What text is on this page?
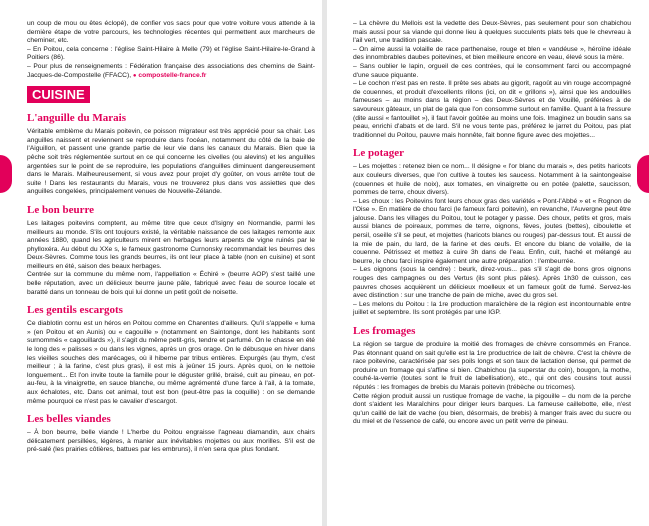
un coup de mou ou êtes éclopé), de confier vos sacs pour que votre voiture vous attende à la dernière étape de votre parcours, les technologies récentes qui permettent aux marcheurs de cheminer, etc.

– En Poitou, cela concerne : l'église Saint-Hilaire à Melle (79) et l'église Saint-Hilaire-le-Grand à Poitiers (86).

– Pour plus de renseignements : Fédération française des associations des chemins de Saint-Jacques-de-Compostelle (FFACC), ● compostelle-france.fr

CUISINE
L'anguille du Marais

Véritable emblème du Marais poitevin, ce poisson migrateur est très apprécié pour sa chair. Les anguilles naissent et reviennent se reproduire dans l'océan, notamment du côté de la baie de l'Aiguillon, et passent une grande partie de leur vie dans les canaux du Marais. Bien que la pêche soit très réglementée surtout en ce qui concerne les civelles (ou alevins) et les anguilles argentées sur le point de se reproduire, les populations d'anguilles diminuent dangereusement dans le Marais. Malheureusement, si vous avez pour projet d'y goûter, on vous arrête tout de suite ! Dans les restaurants du Marais, vous ne trouverez plus dans vos assiettes que des anguilles congelées, principalement venues de Nouvelle-Zélande.

Le bon beurre

Les laitages poitevins comptent, au même titre que ceux d'Isigny en Normandie, parmi les meilleurs au monde. S'ils ont toujours existé, la véritable naissance de ces laitages remonte aux années 1880, quand les agriculteurs mirent en herbages leurs arpents de vigne ruinés par le phylloxéra. Au début du XXe s, le fameux gastronome Curnonsky recommandait les beurres des Deux-Sèvres. Comme tous les grands beurres, ils ont leur place à table (non en cuisine) et sont meilleurs en été, saison des beaux herbages.

Centrée sur la commune du même nom, l'appellation « Échiré » (beurre AOP) s'est taillé une belle réputation, avec un délicieux beurre jaune pâle, fabriqué avec l'eau de source locale et baratté dans un tonneau de bois qui lui donne un petit goût de noisette.

Les gentils escargots

Ce diablotin cornu est un héros en Poitou comme en Charentes d'ailleurs. Qu'il s'appelle « luma » (en Poitou et en Aunis) ou « cagouille » (notamment en Saintonge, dont les habitants sont surnommés « cagouillards »), il s'agit du même petit-gris, tendre et parfumé. On le chasse en été le long des « palisses » ou dans les vignes, après un gros orage. On le débusque en hiver dans les vieilles souches des marécages, où il hiberne par tribus entières. Expurgés (au thym, c'est meilleur ; à la farine, c'est plus gras), il est mis à jeûner 15 jours. Après quoi, on le nettoie longuement... Et l'on invite toute la famille pour le déguster grillé, braisé, cuit au pineau, en pot-au-feu, à la vinaigrette, en sauce blanche, ou même agrémenté d'une farce à l'ail, à la tomate, aux échalotes, etc. Dans cet animal, tout est bon (peut-être pas la coquille) : on se demande même pourquoi ce n'est pas le cavalier d'escargot.

Les belles viandes

– À bon beurre, belle viande ! L'herbe du Poitou engraisse l'agneau diamandin, aux chairs délicatement persillées, légères, à manier aux inévitables mojettes ou aux morilles. S'il est de pré-salé (les prairies côtières, battues par les embruns), il n'en sera que plus fondant.

– La chèvre du Mellois est la vedette des Deux-Sèvres, pas seulement pour son chabichou mais aussi pour sa viande qui donne lieu à quelques succulents plats tels que le chevreau à l'ail vert, une tradition pascale.

– On aime aussi la volaille de race parthenaise, rouge et blen « vandéuse », héroïne idéale des innombrables daubes poitevines, et bien meilleure encore en veau, élevé sous la mère.

– Sans oublier le lapin, orgueil de ces contrées, qui le consomment farci ou accompagné d'une sauce piquante.

– Le cochon n'est pas en reste. Il prête ses abats au gigorit, ragoût au vin rouge accompagné de couennes, et produit d'excellents rillons (ici, on dit « grillons »), ainsi que les andouilles fameuses – au moins dans la région – des Deux-Sèvres et de Vouillé, préférées à de savoureux gâteaux, un plat de gala que l'on consomme surtout en famille. Quant à la fressure (dite aussi « fantouillet »), il faut l'avoir goûtée au moins une fois. Imaginez un boudin sans sa peau, enrichi d'abats et de lard. S'il ne vous tente pas, préférez le jarret du Poitou, pas plat traditionnel du Poitou, pauvre mais honnête, fait bonne figure avec des mojettes...

Le potager

– Les mojettes : retenez bien ce nom... Il désigne « l'or blanc du marais », des petits haricots aux couleurs diverses, que l'on cultive à toutes les saucess. Notamment à la saintongeaise (couennes et huile de noix), aux tomates, en vinaigrette ou en potée (palette, saucisson, pommes de terre, choux divers).

– Les choux : les Poitevins font leurs choux gras des variétés « Pont-l'Abbé » et « Rognon de l'Oise ». En matière de chou farci (le fameux farci poitevin), en revanche, l'Auvergne peut être jalouse. Dans les villages du Poitou, tout le potager y passe. Des choux, petits et gros, mais aussi blancs de poireaux, pommes de terre, oignons, fèves, joutes (bettes), ciboulette et persil, oseille s'il se peut, et mojettes (haricots blancs ou rouges) par-dessus tout. Et aussi de la mie de pain, du lard, de la farine et des œufs. Et encore du blanc de volaille, de la couenne. Pétrissez et mettez à cuire 3h dans de l'eau. Enfin, cuit, haché et mélangé au beurre, le chou farci inspire également une autre préparation : l'embeurrée.

– Les oignons (sous la cendre) : beurk, direz-vous... pas s'il s'agit de bons gros oignons rouges des campagnes ou des Vertus (ils sont plus pâles). Après 1h30 de cuisson, ces pauvres choses acquièrent un délicieux moelleux et un fameux goût de fumé. Servez-les avec distinction : sur une tranche de pain de miche, avec du gros sel.

– Les melons du Poitou : la 1re production maraîchère de la région est incontournable entre juillet et septembre. Ils sont protégés par une IGP.

Les fromages

La région se targue de produire la moitié des fromages de chèvre consommés en France. Pas étonnant quand on sait qu'elle est la 1re productrice de lait de chèvre. C'est la chèvre de race poitevine, caractérisée par ses poils longs et son taux de lactation dense, qui permet de produire un fromage qui s'affine si bien. Chabichou (la superstar du coin), bougon, la mothe, couhé-la-verrie (toutes sont le fruit de labellisation), etc., qui ont des cousins tout aussi réputés : les fromages de brebis du Marais poitevin (trébèche ou tricornes).

Cette région produit aussi un rustique fromage de vache, la pigouille – du nom de la perche dont s'aident les Maraîchins pour diriger leurs barques. La fameuse caillebotte, elle, n'est qu'un caillé de lait de vache (ou bien, désormais, de brebis) à manger frais avec du sucre ou du miel et de l'essence de café, ou encore avec un petit verre de pineau.
